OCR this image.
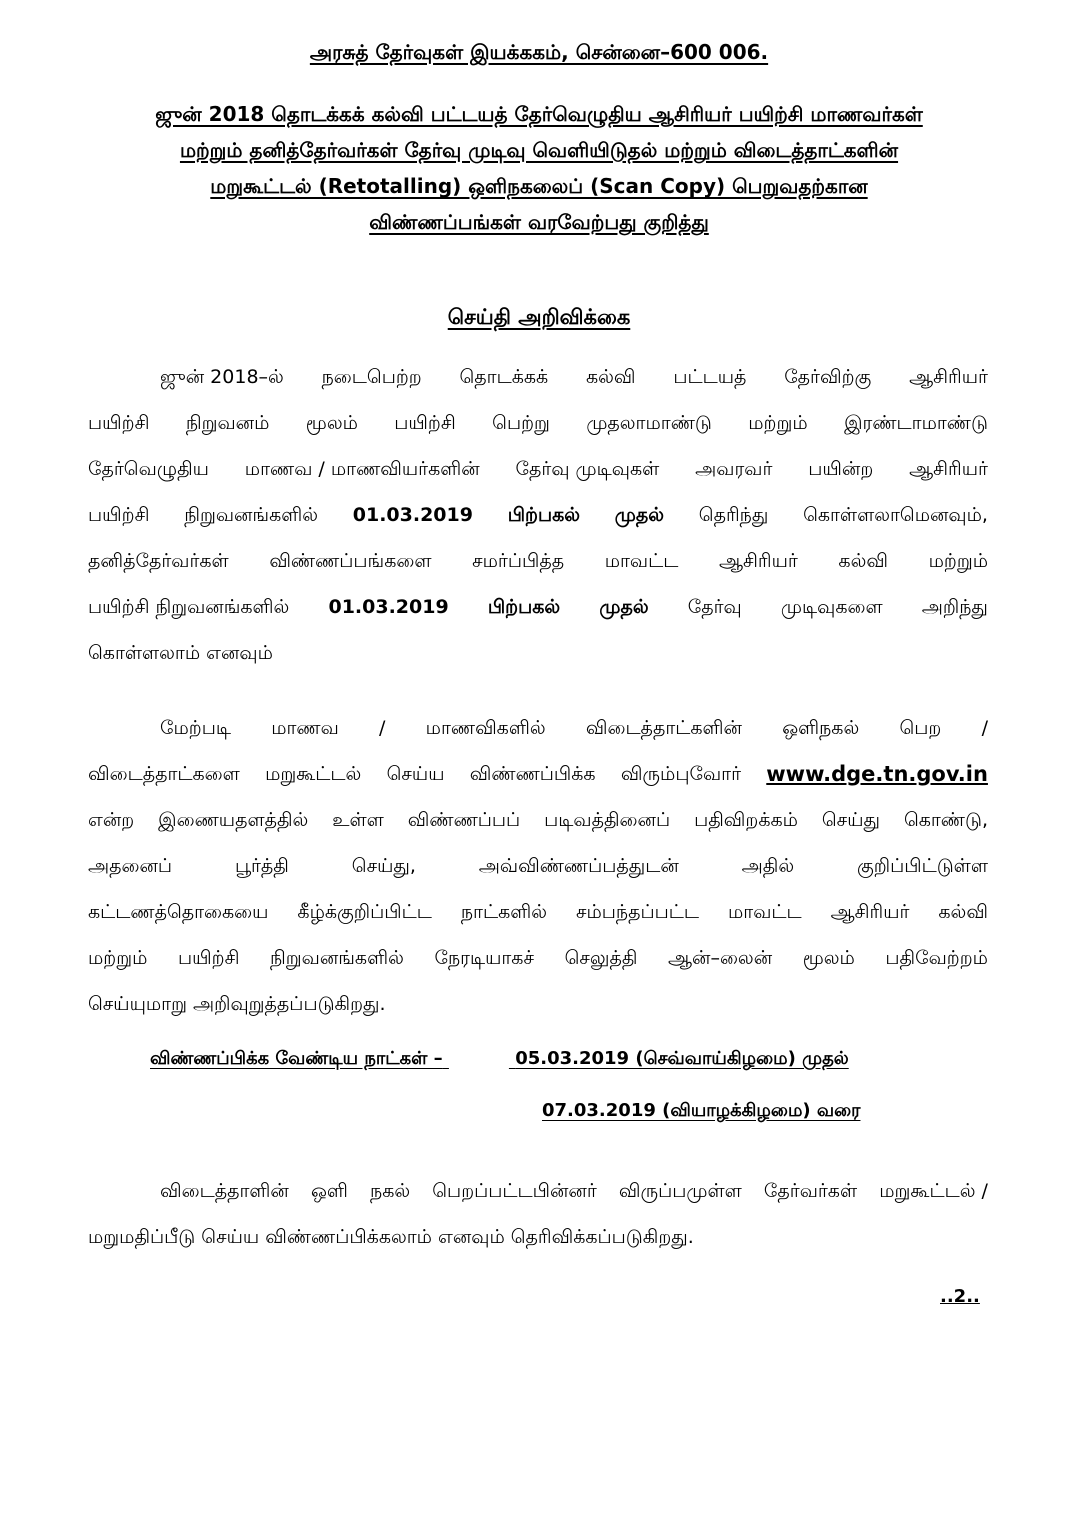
அரசுத் தேர்வுகள் இயக்ககம், சென்னை–600 006.
ஜுன் 2018 தொடக்கக் கல்வி பட்டயத் தேர்வெழுதிய ஆசிரியர் பயிற்சி மாணவர்கள்
மற்றும் தனித்தேர்வர்கள் தேர்வு முடிவு வெளியிடுதல் மற்றும் விடைத்தாட்களின்
மறுகூட்டல் (Retotalling) ஒளிநகலைப் (Scan Copy) பெறுவதற்கான
விண்ணப்பங்கள் வரவேற்பது குறித்து
செய்தி அறிவிக்கை
ஜுன் 2018–ல் நடைபெற்ற தொடக்கக் கல்வி பட்டயத் தேர்விற்கு ஆசிரியர்
பயிற்சி நிறுவனம் மூலம் பயிற்சி பெற்று முதலாமாண்டு மற்றும் இரண்டாமாண்டு
தேர்வெழுதிய மாணவ / மாணவியர்களின் தேர்வு முடிவுகள் அவரவர் பயின்ற ஆசிரியர்
பயிற்சி நிறுவனங்களில் 01.03.2019 பிற்பகல் முதல் தெரிந்து கொள்ளலாமெனவும்,
தனித்தேர்வர்கள் விண்ணப்பங்களை சமர்ப்பித்த மாவட்ட ஆசிரியர் கல்வி மற்றும்
பயிற்சி நிறுவனங்களில் 01.03.2019 பிற்பகல் முதல் தேர்வு முடிவுகளை அறிந்து
கொள்ளலாம் எனவும்
மேற்படி மாணவ / மாணவிகளில் விடைத்தாட்களின் ஒளிநகல் பெற /
விடைத்தாட்களை மறுகூட்டல் செய்ய விண்ணப்பிக்க விரும்புவோர் www.dge.tn.gov.in
என்ற இணையதளத்தில் உள்ள விண்ணப்பப் படிவத்தினைப் பதிவிறக்கம் செய்து கொண்டு,
அதனைப்	பூர்த்தி	செய்து,	அவ்விண்ணப்பத்துடன்	அதில்	குறிப்பிட்டுள்ள
கட்டணத்தொகையை கீழ்க்குறிப்பிட்ட நாட்களில் சம்பந்தப்பட்ட மாவட்ட ஆசிரியர் கல்வி
மற்றும் பயிற்சி நிறுவனங்களில் நேரடியாகச் செலுத்தி ஆன்–லைன் மூலம் பதிவேற்றம்
செய்யுமாறு அறிவுறுத்தப்படுகிறது.
விண்ணப்பிக்க வேண்டிய நாட்கள் –	05.03.2019 (செவ்வாய்கிழமை) முதல்
07.03.2019 (வியாழக்கிழமை) வரை
விடைத்தாளின் ஒளி நகல் பெறப்பட்டபின்னர் விருப்பமுள்ள தேர்வர்கள் மறுகூட்டல் /
மறுமதிப்பீடு செய்ய விண்ணப்பிக்கலாம் எனவும் தெரிவிக்கப்படுகிறது.
..2..
